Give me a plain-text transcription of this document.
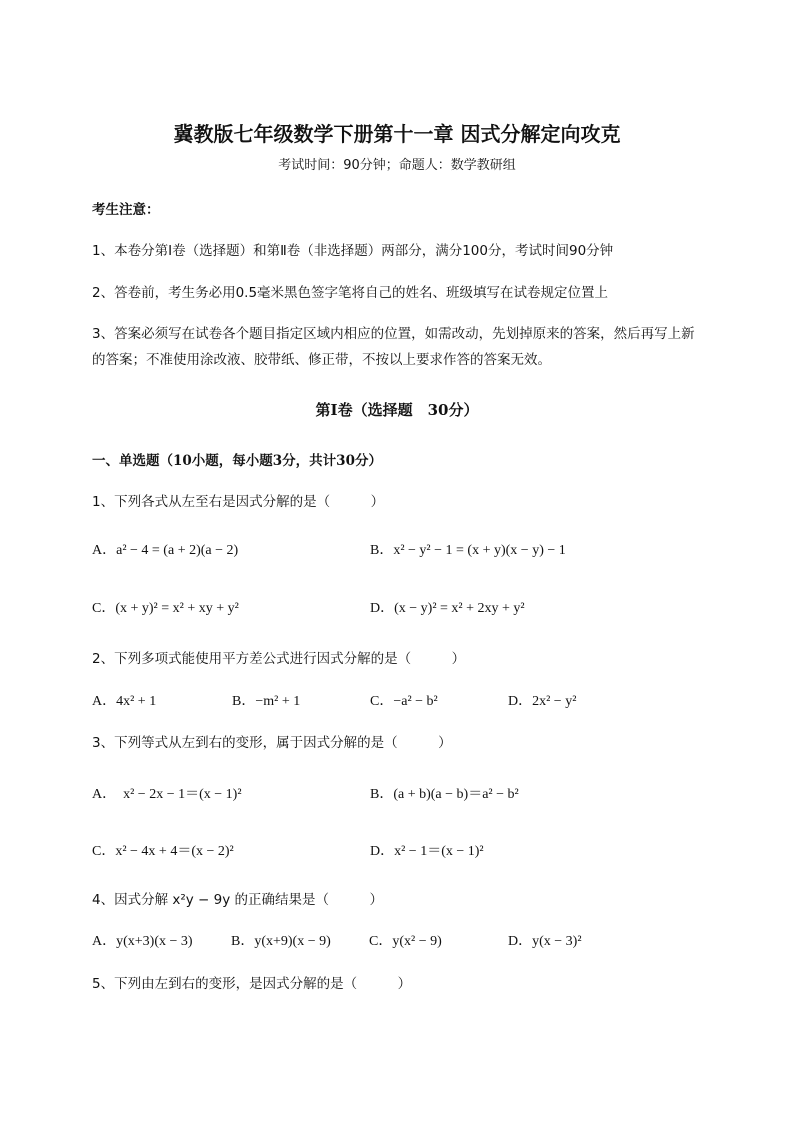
冀教版七年级数学下册第十一章 因式分解定向攻克
考试时间：90分钟；命题人：数学教研组
考生注意：
1、本卷分第Ⅰ卷（选择题）和第Ⅱ卷（非选择题）两部分，满分100分，考试时间90分钟
2、答卷前，考生务必用0.5毫米黑色签字笔将自己的姓名、班级填写在试卷规定位置上
3、答案必须写在试卷各个题目指定区域内相应的位置，如需改动，先划掉原来的答案，然后再写上新
的答案；不准使用涂改液、胶带纸、修正带，不按以上要求作答的答案无效。
第Ⅰ卷（选择题　30分）
一、单选题（10小题，每小题3分，共计30分）
1、下列各式从左至右是因式分解的是（　　　）
A．a² − 4 = (a + 2)(a − 2)	B．x² − y² − 1 = (x + y)(x − y) − 1
C．(x + y)² = x² + xy + y²	D．(x − y)² = x² + 2xy + y²
2、下列多项式能使用平方差公式进行因式分解的是（　　　）
A．4x² + 1	B．−m² + 1	C．−a² − b²	D．2x² − y²
3、下列等式从左到右的变形，属于因式分解的是（　　　）
A．　x² − 2x − 1＝(x − 1)²	B．(a + b)(a − b)＝a² − b²
C．x² − 4x + 4＝(x − 2)²	D．x² − 1＝(x − 1)²
4、因式分解 x²y − 9y 的正确结果是（　　　）
A．y(x+3)(x − 3)	B．y(x+9)(x − 9)	C．y(x² − 9)	D．y(x − 3)²
5、下列由左到右的变形，是因式分解的是（　　　）
